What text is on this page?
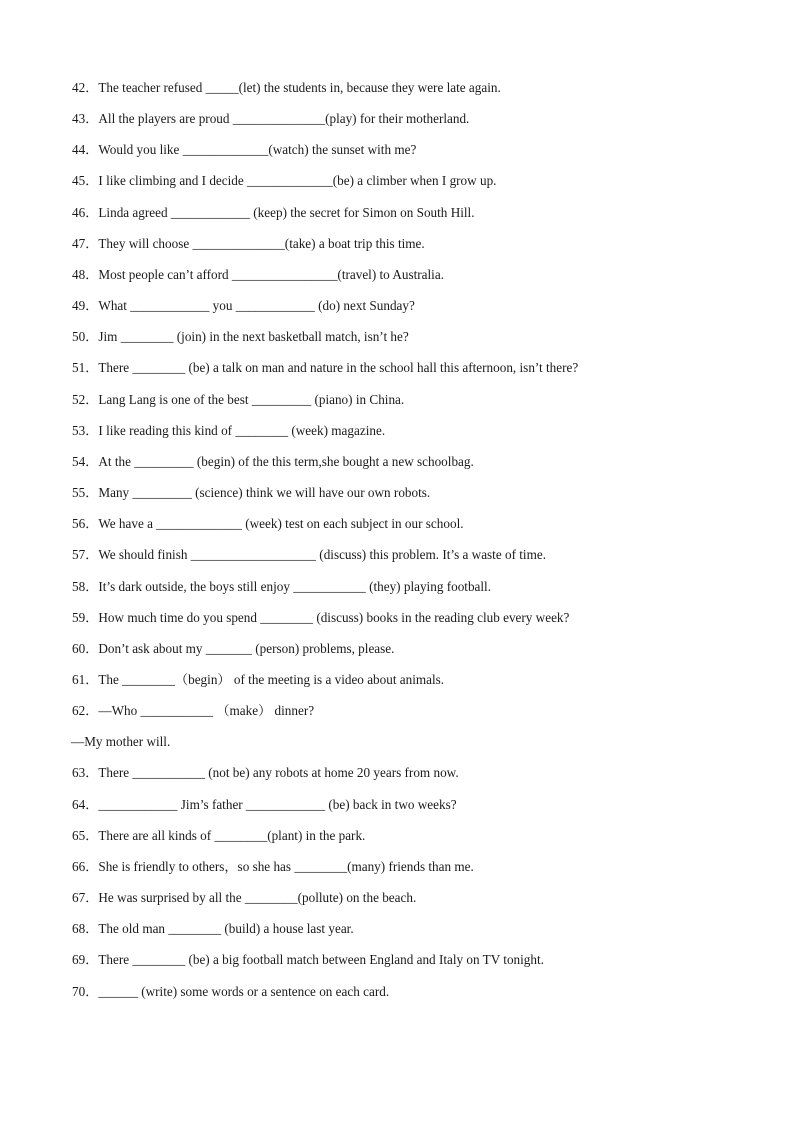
42．The teacher refused _____(let) the students in, because they were late again.
43．All the players are proud ______________(play) for their motherland.
44．Would you like _____________(watch) the sunset with me?
45．I like climbing and I decide _____________(be) a climber when I grow up.
46．Linda agreed ____________ (keep) the secret for Simon on South Hill.
47．They will choose ______________(take) a boat trip this time.
48．Most people can’t afford ________________(travel) to Australia.
49．What ____________ you ____________ (do) next Sunday?
50．Jim ________ (join) in the next basketball match, isn’t he?
51．There ________ (be) a talk on man and nature in the school hall this afternoon, isn’t there?
52．Lang Lang is one of the best _________ (piano) in China.
53．I like reading this kind of ________ (week) magazine.
54．At the _________ (begin) of the this term,she bought a new schoolbag.
55．Many _________ (science) think we will have our own robots.
56．We have a _____________ (week) test on each subject in our school.
57．We should finish ___________________ (discuss) this problem. It’s a waste of time.
58．It’s dark outside, the boys still enjoy ___________ (they) playing football.
59．How much time do you spend ________ (discuss) books in the reading club every week?
60．Don’t ask about my _______ (person) problems, please.
61．The ________（begin） of the meeting is a video about animals.
62．—Who ___________ （make） dinner?
—My mother will.
63．There ___________ (not be) any robots at home 20 years from now.
64．____________ Jim’s father ____________ (be) back in two weeks?
65．There are all kinds of ________(plant) in the park.
66．She is friendly to others，so she has ________(many) friends than me.
67．He was surprised by all the ________(pollute) on the beach.
68．The old man ________ (build) a house last year.
69．There ________ (be) a big football match between England and Italy on TV tonight.
70．______ (write) some words or a sentence on each card.
